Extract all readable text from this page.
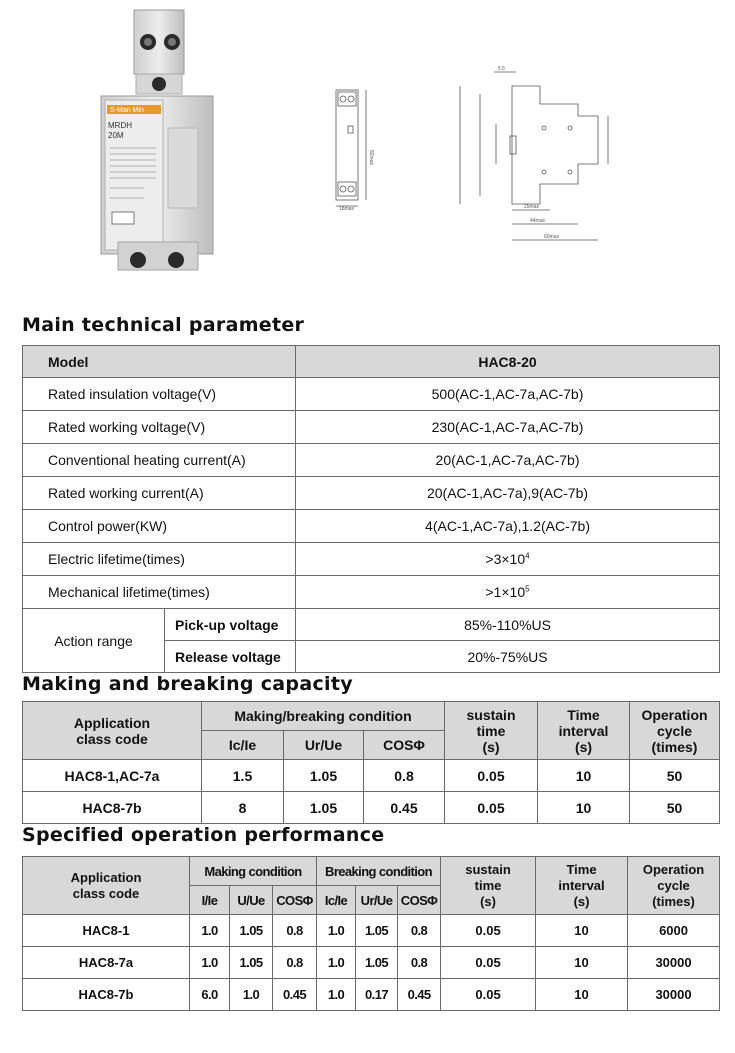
S-Man Min
MRDH
20M
82max
18max
5.5
25max
44max
60max
Main technical parameter
Model		HAC8-20
Rated insulation voltage(V)		500(AC-1,AC-7a,AC-7b)
Rated working voltage(V)		230(AC-1,AC-7a,AC-7b)
Conventional heating current(A)		20(AC-1,AC-7a,AC-7b)
Rated working current(A)		20(AC-1,AC-7a),9(AC-7b)
Control power(KW)		4(AC-1,AC-7a),1.2(AC-7b)
Electric lifetime(times)		$>3\times 10^4$
Mechanical lifetime(times)		$>1\times 10^5$
Action range	Pick-up voltage	85%-110%US
	Release voltage	20%-75%US
Making and breaking capacity
Application
class code	Making/breaking condition			sustain
time
(s)	Time
interval
(s)	Operation
cycle
(times)
	Ic/Ie	Ur/Ue	COSΦ			
HAC8-1,AC-7a	1.5	1.05	0.8	0.05	10	50
HAC8-7b	8	1.05	0.45	0.05	10	50
Specified operation performance
Application
class code	Making condition			Breaking condition			sustain
time
(s)	Time
interval
(s)	Operation
cycle
(times)
	I/Ie	U/Ue	COSΦ	Ic/Ie	Ur/Ue	COSΦ			
HAC8-1	1.0	1.05	0.8	1.0	1.05	0.8	0.05	10	6000
HAC8-7a	1.0	1.05	0.8	1.0	1.05	0.8	0.05	10	30000
HAC8-7b	6.0	1.0	0.45	1.0	0.17	0.45	0.05	10	30000
